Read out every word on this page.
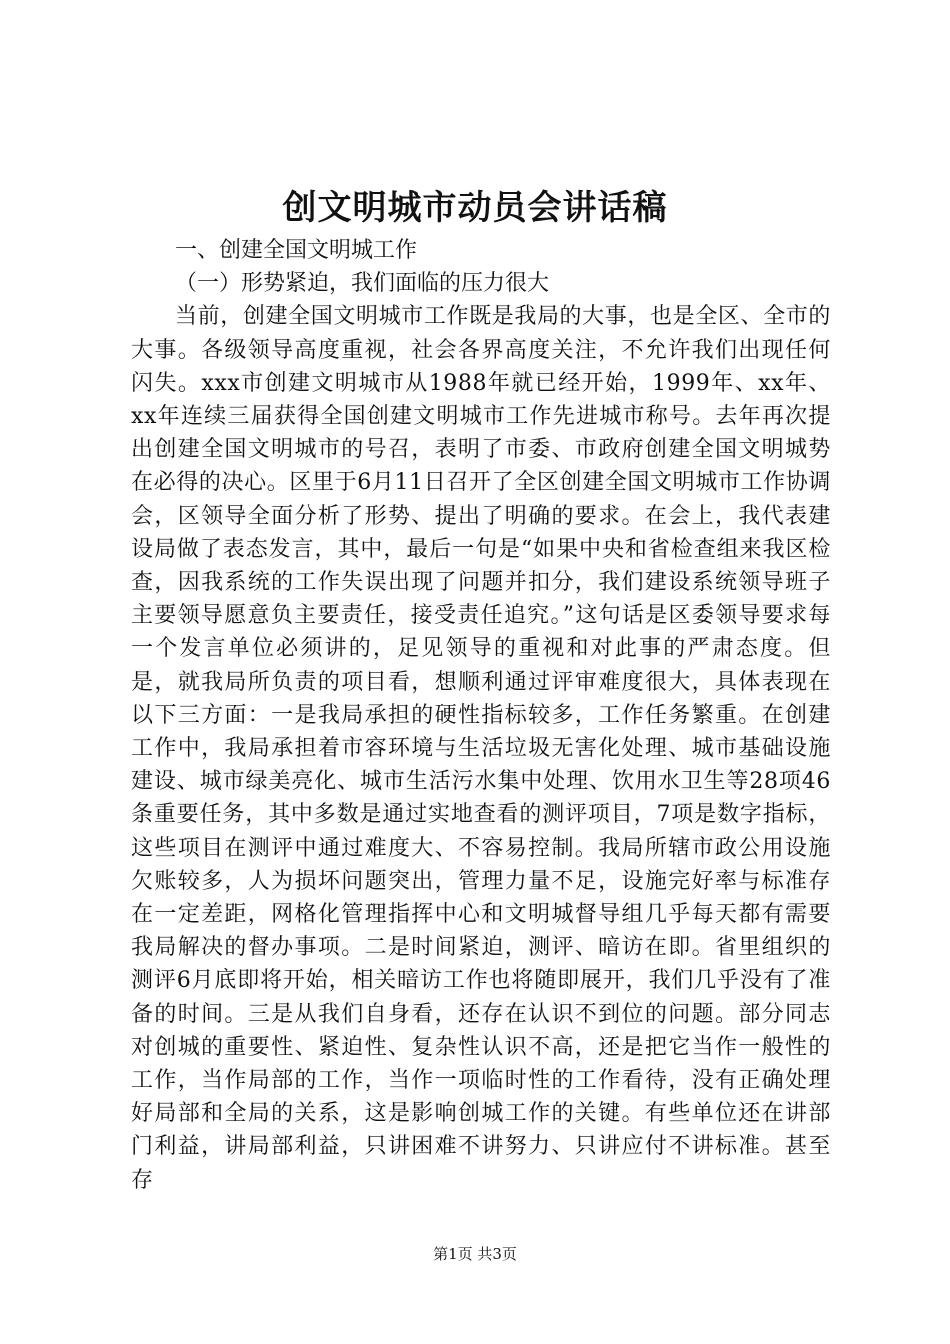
创文明城市动员会讲话稿

一、创建全国文明城工作

（一）形势紧迫，我们面临的压力很大

当前，创建全国文明城市工作既是我局的大事，也是全区、全市的大事。各级领导高度重视，社会各界高度关注，不允许我们出现任何闪失。xxx市创建文明城市从1988年就已经开始，1999年、xx年、xx年连续三届获得全国创建文明城市工作先进城市称号。去年再次提出创建全国文明城市的号召，表明了市委、市政府创建全国文明城势在必得的决心。区里于6月11日召开了全区创建全国文明城市工作协调会，区领导全面分析了形势、提出了明确的要求。在会上，我代表建设局做了表态发言，其中，最后一句是“如果中央和省检查组来我区检查，因我系统的工作失误出现了问题并扣分，我们建设系统领导班子主要领导愿意负主要责任，接受责任追究。”这句话是区委领导要求每一个发言单位必须讲的，足见领导的重视和对此事的严肃态度。但是，就我局所负责的项目看，想顺利通过评审难度很大，具体表现在以下三方面：一是我局承担的硬性指标较多，工作任务繁重。在创建工作中，我局承担着市容环境与生活垃圾无害化处理、城市基础设施建设、城市绿美亮化、城市生活污水集中处理、饮用水卫生等28项46条重要任务，其中多数是通过实地查看的测评项目，7项是数字指标，这些项目在测评中通过难度大、不容易控制。我局所辖市政公用设施欠账较多，人为损坏问题突出，管理力量不足，设施完好率与标准存在一定差距，网格化管理指挥中心和文明城督导组几乎每天都有需要我局解决的督办事项。二是时间紧迫，测评、暗访在即。省里组织的测评6月底即将开始，相关暗访工作也将随即展开，我们几乎没有了准备的时间。三是从我们自身看，还存在认识不到位的问题。部分同志对创城的重要性、紧迫性、复杂性认识不高，还是把它当作一般性的工作，当作局部的工作，当作一项临时性的工作看待，没有正确处理好局部和全局的关系，这是影响创城工作的关键。有些单位还在讲部门利益，讲局部利益，只讲困难不讲努力、只讲应付不讲标准。甚至存

第1页 共3页
